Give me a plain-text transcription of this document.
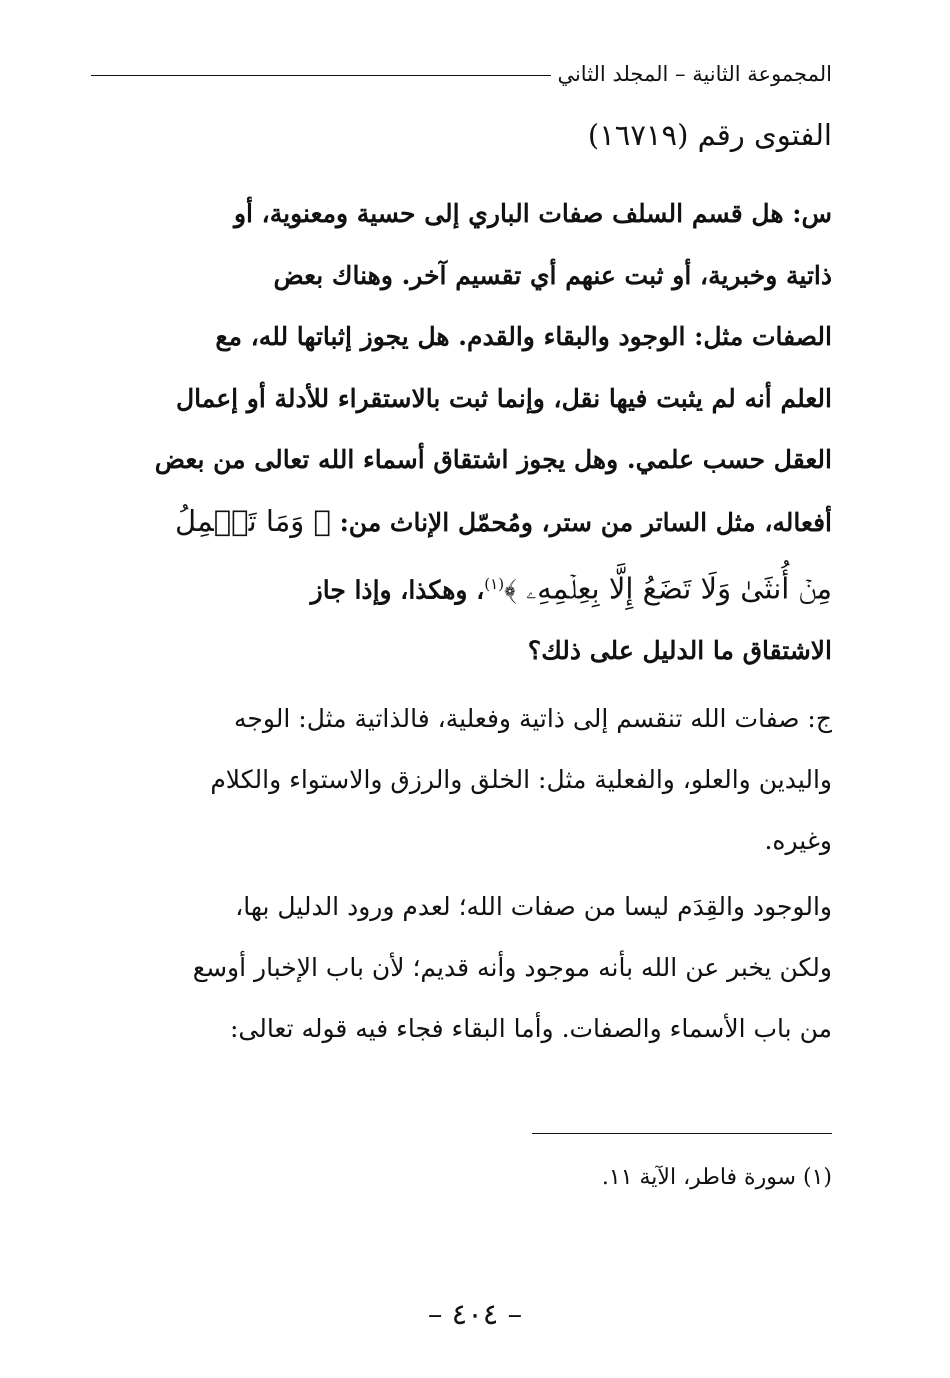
المجموعة الثانية – المجلد الثاني
الفتوى رقم (١٦٧١٩)
س: هل قسم السلف صفات الباري إلى حسية ومعنوية، أو
ذاتية وخبرية، أو ثبت عنهم أي تقسيم آخر. وهناك بعض
الصفات مثل: الوجود والبقاء والقدم. هل يجوز إثباتها لله، مع
العلم أنه لم يثبت فيها نقل، وإنما ثبت بالاستقراء للأدلة أو إعمال
العقل حسب علمي. وهل يجوز اشتقاق أسماء الله تعالى من بعض
أفعاله، مثل الساتر من ستر، ومُحمّل الإناث من: ﴿ وَمَا تَحۡمِلُ
مِنۡ أُنثَىٰ وَلَا تَضَعُ إِلَّا بِعِلۡمِهِۦ ﴾$^{(١)}$، وهكذا، وإذا جاز
الاشتقاق ما الدليل على ذلك؟
ج: صفات الله تنقسم إلى ذاتية وفعلية، فالذاتية مثل: الوجه
واليدين والعلو، والفعلية مثل: الخلق والرزق والاستواء والكلام
وغيره.
والوجود والقِدَم ليسا من صفات الله؛ لعدم ورود الدليل بها،
ولكن يخبر عن الله بأنه موجود وأنه قديم؛ لأن باب الإخبار أوسع
من باب الأسماء والصفات. وأما البقاء فجاء فيه قوله تعالى:
(١) سورة فاطر، الآية ١١.
– ٤٠٤ –
